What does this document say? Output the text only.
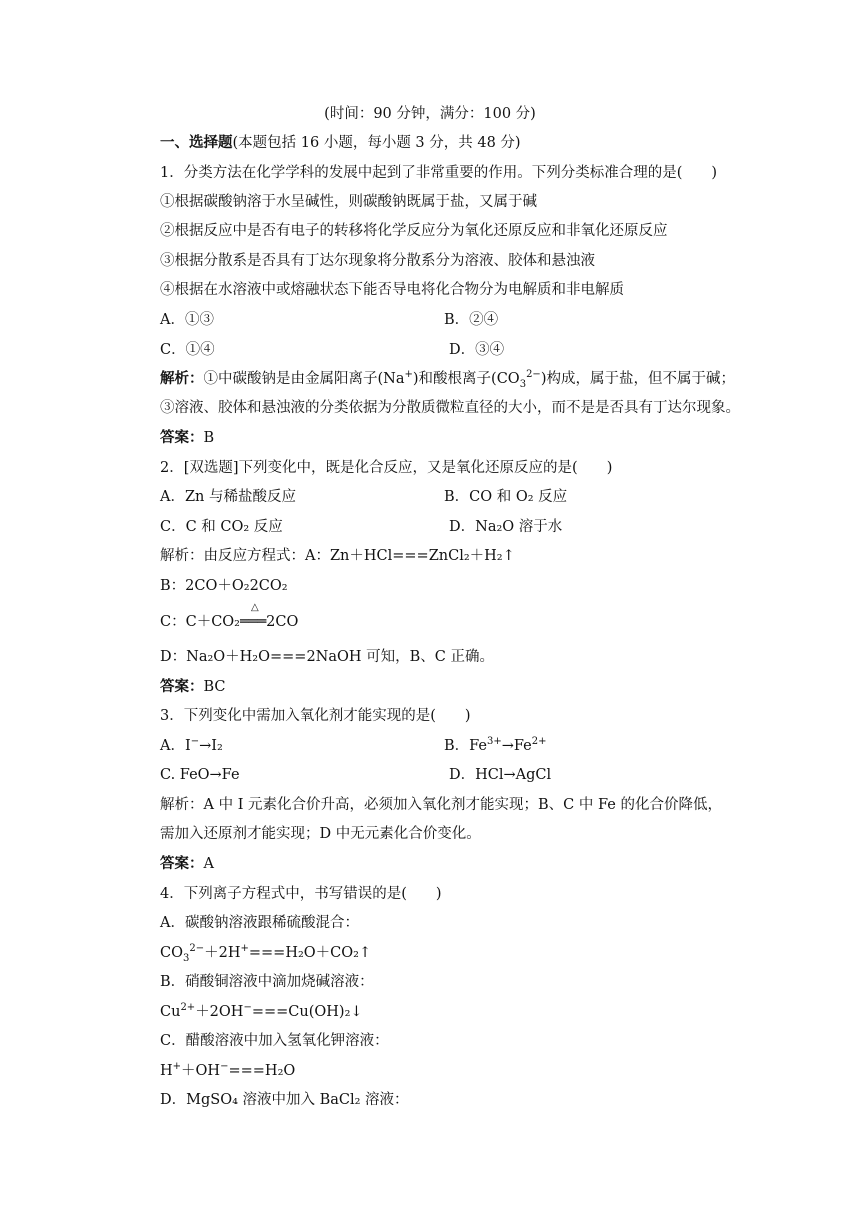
(时间：90 分钟，满分：100 分)
一、选择题(本题包括 16 小题，每小题 3 分，共 48 分)
1．分类方法在化学学科的发展中起到了非常重要的作用。下列分类标准合理的是(　　)
①根据碳酸钠溶于水呈碱性，则碳酸钠既属于盐，又属于碱
②根据反应中是否有电子的转移将化学反应分为氧化还原反应和非氧化还原反应
③根据分散系是否具有丁达尔现象将分散系分为溶液、胶体和悬浊液
④根据在水溶液中或熔融状态下能否导电将化合物分为电解质和非电解质
A．①③	B．②④
C．①④	D．③④
解析：①中碳酸钠是由金属阳离子(Na+)和酸根离子$(CO_3^{2-})$构成，属于盐，但不属于碱；
③溶液、胶体和悬浊液的分类依据为分散质微粒直径的大小，而不是是否具有丁达尔现象。
答案：B
2．[双选题]下列变化中，既是化合反应，又是氧化还原反应的是(　　)
A．Zn 与稀盐酸反应	B．CO 和 O₂ 反应
C．C 和 CO₂ 反应	D．Na₂O 溶于水
解析：由反应方程式：A：Zn＋HCl===ZnCl₂＋H₂↑
B：2CO＋O₂2CO₂
△
C：C＋CO₂═══2CO
D：Na₂O＋H₂O===2NaOH 可知，B、C 正确。
答案：BC
3．下列变化中需加入氧化剂才能实现的是(　　)
A．I−→I₂	B．$Fe^{3+}\to Fe^{2+}$
C. FeO→Fe	D．HCl→AgCl
解析：A 中 I 元素化合价升高，必须加入氧化剂才能实现；B、C 中 Fe 的化合价降低，
需加入还原剂才能实现；D 中无元素化合价变化。
答案：A
4．下列离子方程式中，书写错误的是(　　)
A．碳酸钠溶液跟稀硫酸混合：
$CO_3^{2-}+2H^+===H_2O+CO_2↑$
B．硝酸铜溶液中滴加烧碱溶液：
$Cu^{2+}+2OH^-===Cu(OH)_2↓$
C．醋酸溶液中加入氢氧化钾溶液：
H+＋OH−===H₂O
D．MgSO₄ 溶液中加入 BaCl₂ 溶液：
